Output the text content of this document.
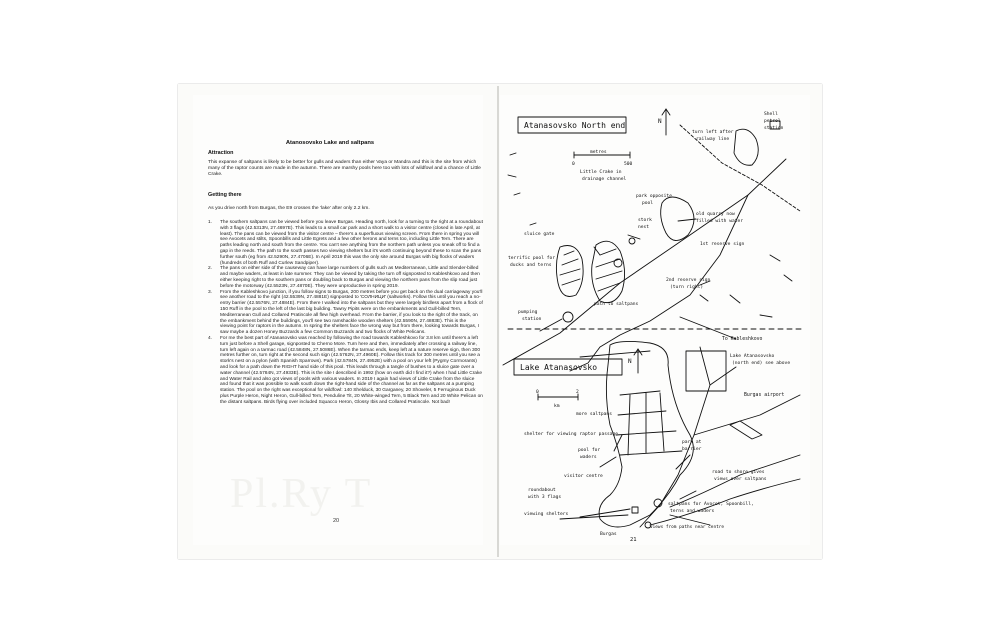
Pl.Ry T

Atanosovsko Lake and saltpans

Attraction

This expanse of saltpans is likely to be better for gulls and waders than either Vaya or Mandra and this is the site from which many of the raptor counts are made in the autumn. There are marshy pools here too with lots of wildfowl and a chance of Little Crake.

Getting there

As you drive north from Burgas, the E9 crosses the 'lake' after only 2.2 km.

1. The southern saltpans can be viewed before you leave Burgas. Heading north, look for a turning to the right at a roundabout with 3 flags (42.5313N, 27.4697E). This leads to a small car park and a short walk to a visitor centre (closed in late April, at least). The pans can be viewed from the visitor centre – there's a superfluous viewing screen. From there in spring you will see Avocets and stilts, Spoonbills and Little Egrets and a few other herons and terns too, including Little Tern. There are paths leading north and south from the centre. You can't see anything from the northern path unless you sneak off to find a gap in the reeds. The path to the south passes two viewing shelters but it's worth continuing beyond these to scan the pans further south (eg from 42.5290N, 27.4706E). In April 2019 this was the only site around Burgas with big flocks of waders (hundreds of both Ruff and Curlew Sandpiper).
2. The pans on either side of the causeway can have large numbers of gulls such as Mediterranean, Little and Slender-billed and maybe waders, at least in late summer. They can be viewed by taking the turn off signposted to Kableshkovo and then either keeping right to the southern pans or doubling back to Burgas and viewing the northern pans from the slip road just before the motorway (42.5523N, 27.4870E). They were unproductive in spring 2019.
3. From the Kableshkovo junction, if you follow signs to Burgas, 200 metres before you get back on the dual carriageway you'll see another road to the right (42.5539N, 27.4881E) signposted to 'СОЛНИЦИ' (saltworks). Follow this until you reach a no-entry barrier (42.5576N, 27.4884E). From there I walked into the saltpans but they were largely birdless apart from a flock of 150 Ruff in the pool to the left of the last big building. Tawny Pipits were on the embankments and Gull-billed Tern, Mediterranean Gull and Collared Pratincole all flew high overhead. From the barrier, if you look to the right of the track, on the embankment behind the buildings, you'll see two ramshackle wooden shelters (42.5590N, 27.4883E). This is the viewing point for raptors in the autumn. In spring the shelters face the wrong way but from there, looking towards Burgas, I saw maybe a dozen Honey Buzzards a few Common Buzzards and two flocks of White Pelicans.
4. For me the best part of Atanasovsko was reached by following the road towards Kableshkovo for 3.8 km until there's a left turn just before a Shell garage, signposted to Cherno More. Turn here and then, immediately after crossing a railway line, turn left again on a tarmac road (42.5848N, 27.5086E). When the tarmac ends, keep left at a nature reserve sign, then 300 metres further on, turn right at the second such sign (42.5762N, 27.4960E). Follow this track for 300 metres until you see a stork's nest on a pylon (with Spanish Sparrows). Park (42.5784N, 27.4952E) with a pool on your left (Pygmy Cormorants) and look for a path down the RIGHT hand side of this pool. This leads through a tangle of bushes to a sluice gate over a water channel (42.5784N, 27.4933E). This is the site I described in 1992 (how on earth did I find it?) when I had Little Crake and Water Rail and also got views of pools with various waders. In 2019 I again had views of Little Crake from the sluice and found that it was possible to walk south down the right-hand side of the channel as far as the saltpans at a pumping station. The pool on the right was exceptional for wildfowl: 140 Shelduck, 30 Garganey, 20 Shoveler, 5 Ferruginous Duck plus Purple Heron, Night Heron, Gull-billed Tern, Penduline Tit, 20 White-winged Tern, 5 Black Tern and 20 White Pelican on the distant saltpans. Birds flying over included Squacco Heron, Glossy Ibis and Collared Pratincole. Not bad!
20
Atanasovsko North end	N
0
metres
500
Shell
petrol
station
turn left after
railway line
old quarry now
filled with water
1st reserve sign
2nd reserve sign
(turn right)
Little Crake in
drainage channel
park opposite
pool
stork
nest
sluice gate
terrific pool for
ducks and terns
pumping
station
path to saltpans
Lake Atanasovsko
N
0
km
2
To Kableshkovo
Lake Atanasovsko
(north end) see above
Burgas airport
more saltpans
shelter for viewing raptor passage
pool for
waders
park at
barrier
visitor centre
road to shore gives
views over saltpans
roundabout
with 3 flags
viewing shelters
saltpans for Avocet, Spoonbill,
terns and waders
views from paths near centre
Burgas
21
